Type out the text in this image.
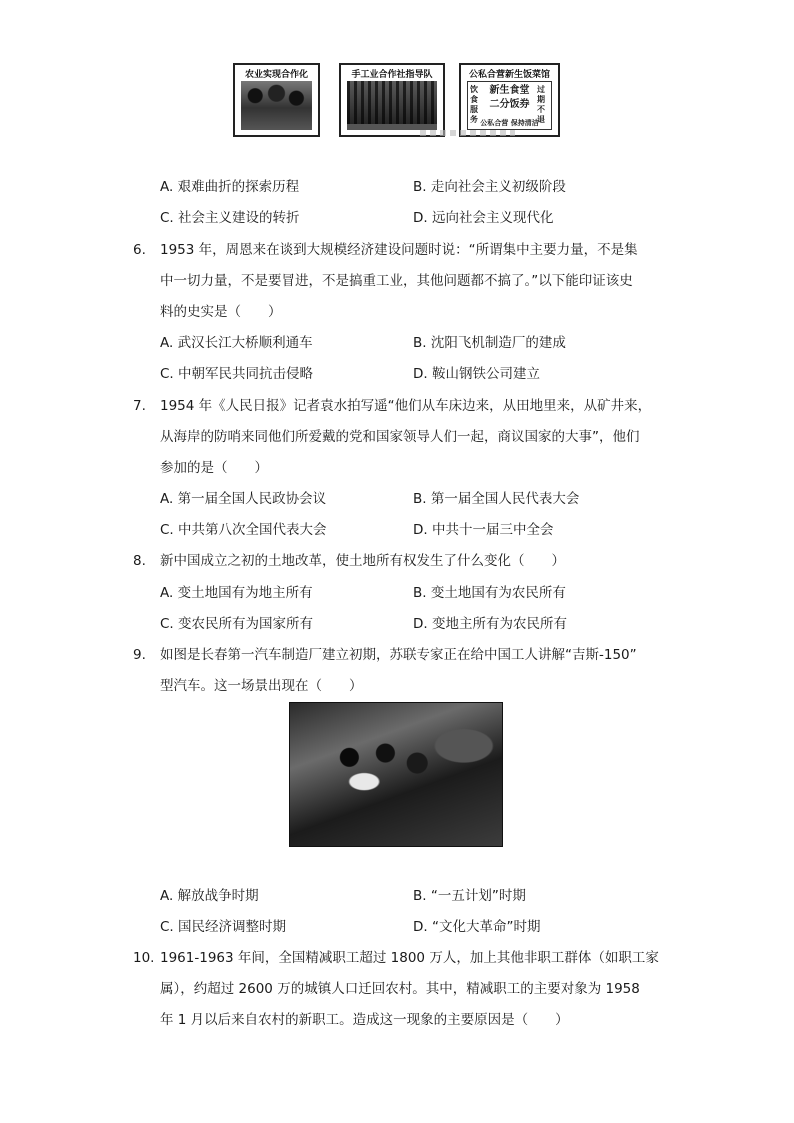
农业实现合作化	手工业合作社指导队	公私合营新生饭菜馆
饮食服务
新生食堂
二分饭券
过期不退
公私合营 保持清洁
A. 艰难曲折的探索历程	B. 走向社会主义初级阶段
C. 社会主义建设的转折	D. 远向社会主义现代化
6. 1953 年，周恩来在谈到大规模经济建设问题时说：“所谓集中主要力量，不是集
中一切力量，不是要冒进，不是搞重工业，其他问题都不搞了。”以下能印证该史
料的史实是（　　）
A. 武汉长江大桥顺利通车	B. 沈阳飞机制造厂的建成
C. 中朝军民共同抗击侵略	D. 鞍山钢铁公司建立
7. 1954 年《人民日报》记者袁水拍写遥“他们从车床边来，从田地里来，从矿井来，
从海岸的防哨来同他们所爱戴的党和国家领导人们一起，商议国家的大事”，他们
参加的是（　　）
A. 第一届全国人民政协会议	B. 第一届全国人民代表大会
C. 中共第八次全国代表大会	D. 中共十一届三中全会
8. 新中国成立之初的土地改革，使土地所有权发生了什么变化（　　）
A. 变土地国有为地主所有	B. 变土地国有为农民所有
C. 变农民所有为国家所有	D. 变地主所有为农民所有
9. 如图是长春第一汽车制造厂建立初期，苏联专家正在给中国工人讲解“吉斯-150”
型汽车。这一场景出现在（　　）
A. 解放战争时期	B. “一五计划”时期
C. 国民经济调整时期	D. “文化大革命”时期
10. 1961-1963 年间，全国精减职工超过 1800 万人，加上其他非职工群体（如职工家
属），约超过 2600 万的城镇人口迁回农村。其中，精减职工的主要对象为 1958
年 1 月以后来自农村的新职工。造成这一现象的主要原因是（　　）
